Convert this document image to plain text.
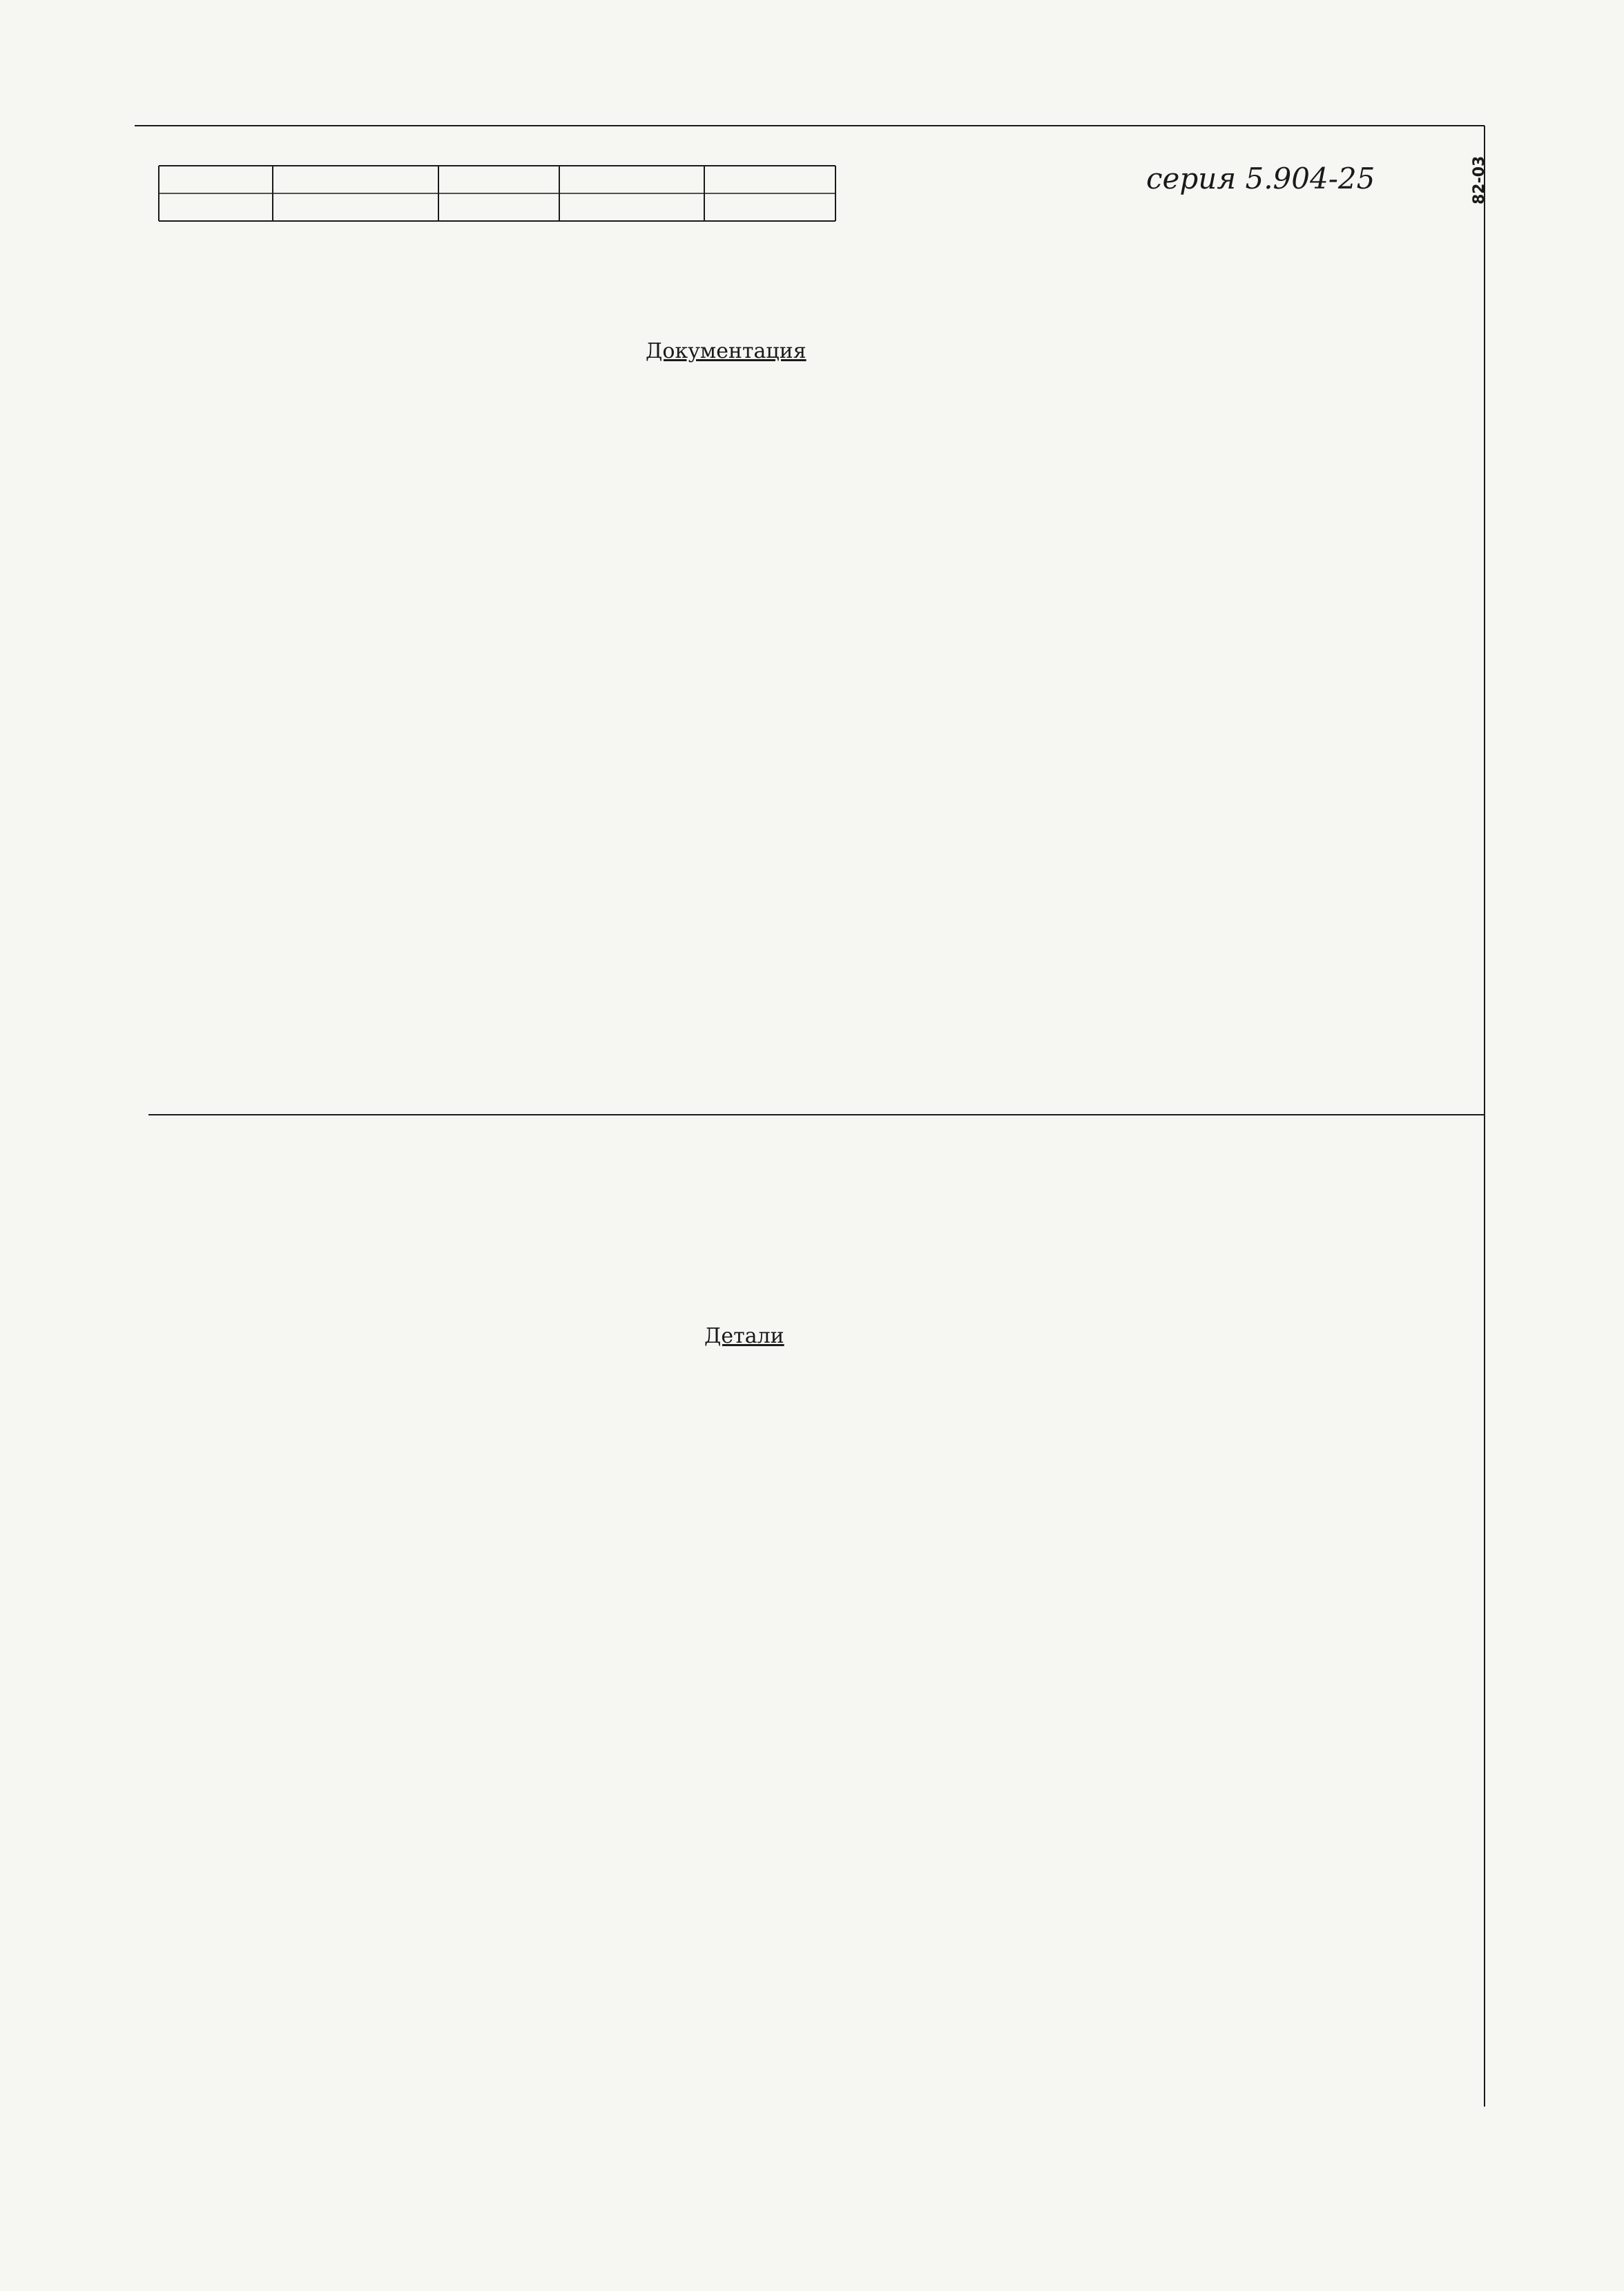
серия 5.904-25	82-03
Документация
Детали
